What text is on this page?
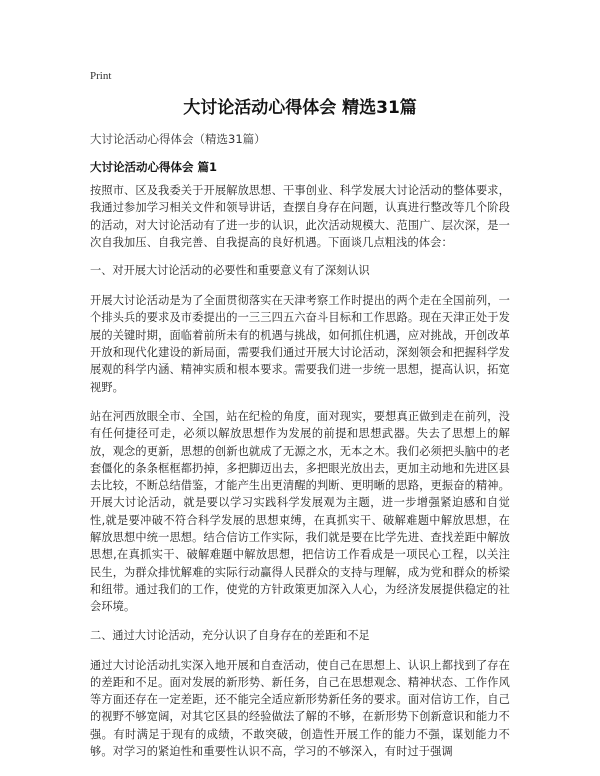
Print
大讨论活动心得体会 精选31篇
大讨论活动心得体会（精选31篇）
大讨论活动心得体会 篇1
按照市、区及我委关于开展解放思想、干事创业、科学发展大讨论活动的整体要求，我通过参加学习相关文件和领导讲话，查摆自身存在问题，认真进行整改等几个阶段的活动，对大讨论活动有了进一步的认识，此次活动规模大、范围广、层次深，是一次自我加压、自我完善、自我提高的良好机遇。下面谈几点粗浅的体会：
一、对开展大讨论活动的必要性和重要意义有了深刻认识
开展大讨论活动是为了全面贯彻落实在天津考察工作时提出的两个走在全国前列，一个排头兵的要求及市委提出的一三三四五六奋斗目标和工作思路。现在天津正处于发展的关键时期，面临着前所未有的机遇与挑战，如何抓住机遇，应对挑战，开创改革开放和现代化建设的新局面，需要我们通过开展大讨论活动，深刻领会和把握科学发展观的科学内涵、精神实质和根本要求。需要我们进一步统一思想，提高认识，拓宽视野。
站在河西放眼全市、全国，站在纪检的角度，面对现实，要想真正做到走在前列，没有任何捷径可走，必须以解放思想作为发展的前提和思想武器。失去了思想上的解放，观念的更新，思想的创新也就成了无源之水，无本之木。我们必须把头脑中的老套僵化的条条框框都扔掉，多把脚迈出去，多把眼光放出去，更加主动地和先进区县去比较，不断总结借鉴，才能产生出更清醒的判断、更明晰的思路，更振奋的精神。开展大讨论活动，就是要以学习实践科学发展观为主题，进一步增强紧迫感和自觉性,就是要冲破不符合科学发展的思想束缚，在真抓实干、破解难题中解放思想，在解放思想中统一思想。结合信访工作实际，我们就是要在比学先进、查找差距中解放思想,在真抓实干、破解难题中解放思想，把信访工作看成是一项民心工程，以关注民生，为群众排忧解难的实际行动赢得人民群众的支持与理解，成为党和群众的桥梁和纽带。通过我们的工作，使党的方针政策更加深入人心，为经济发展提供稳定的社会环境。
二、通过大讨论活动，充分认识了自身存在的差距和不足
通过大讨论活动扎实深入地开展和自查活动，使自己在思想上、认识上都找到了存在的差距和不足。面对发展的新形势、新任务，自己在思想观念、精神状态、工作作风等方面还存在一定差距，还不能完全适应新形势新任务的要求。面对信访工作，自己的视野不够宽阔，对其它区县的经验做法了解的不够，在新形势下创新意识和能力不强。有时满足于现有的成绩，不敢突破，创造性开展工作的能力不强，谋划能力不够。对学习的紧迫性和重要性认识不高，学习的不够深入，有时过于强调
